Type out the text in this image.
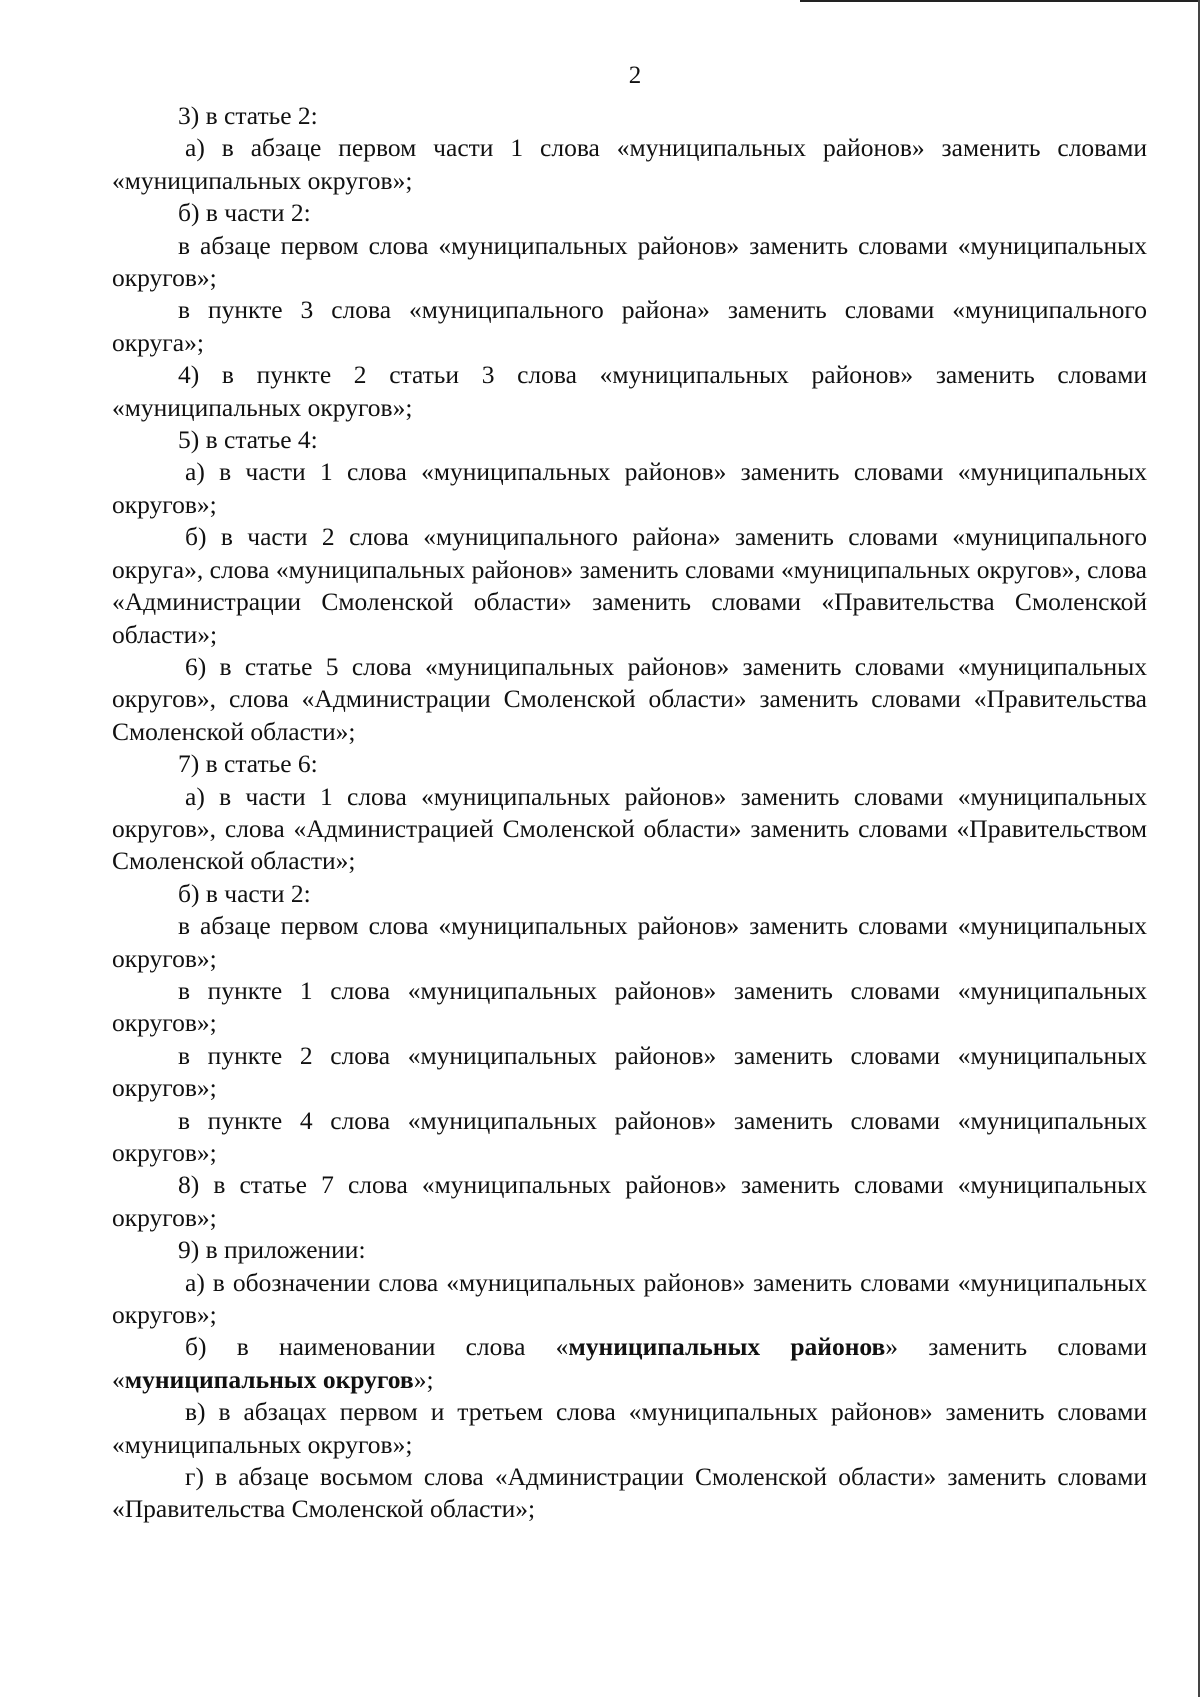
2

3) в статье 2:

а) в абзаце первом части 1 слова «муниципальных районов» заменить словами «муниципальных округов»;

б) в части 2:

в абзаце первом слова «муниципальных районов» заменить словами «муниципальных округов»;

в пункте 3 слова «муниципального района» заменить словами «муниципального округа»;

4) в пункте 2 статьи 3 слова «муниципальных районов» заменить словами «муниципальных округов»;

5) в статье 4:

а) в части 1 слова «муниципальных районов» заменить словами «муниципальных округов»;

б) в части 2 слова «муниципального района» заменить словами «муниципального округа», слова «муниципальных районов» заменить словами «муниципальных округов», слова «Администрации Смоленской области» заменить словами «Правительства Смоленской области»;

6) в статье 5 слова «муниципальных районов» заменить словами «муниципальных округов», слова «Администрации Смоленской области» заменить словами «Правительства Смоленской области»;

7) в статье 6:

а) в части 1 слова «муниципальных районов» заменить словами «муниципальных округов», слова «Администрацией Смоленской области» заменить словами «Правительством Смоленской области»;

б) в части 2:

в абзаце первом слова «муниципальных районов» заменить словами «муниципальных округов»;

в пункте 1 слова «муниципальных районов» заменить словами «муниципальных округов»;

в пункте 2 слова «муниципальных районов» заменить словами «муниципальных округов»;

в пункте 4 слова «муниципальных районов» заменить словами «муниципальных округов»;

8) в статье 7 слова «муниципальных районов» заменить словами «муниципальных округов»;

9) в приложении:

а) в обозначении слова «муниципальных районов» заменить словами «муниципальных округов»;

б) в наименовании слова «муниципальных районов» заменить словами «муниципальных округов»;

в) в абзацах первом и третьем слова «муниципальных районов» заменить словами «муниципальных округов»;

г) в абзаце восьмом слова «Администрации Смоленской области» заменить словами «Правительства Смоленской области»;
